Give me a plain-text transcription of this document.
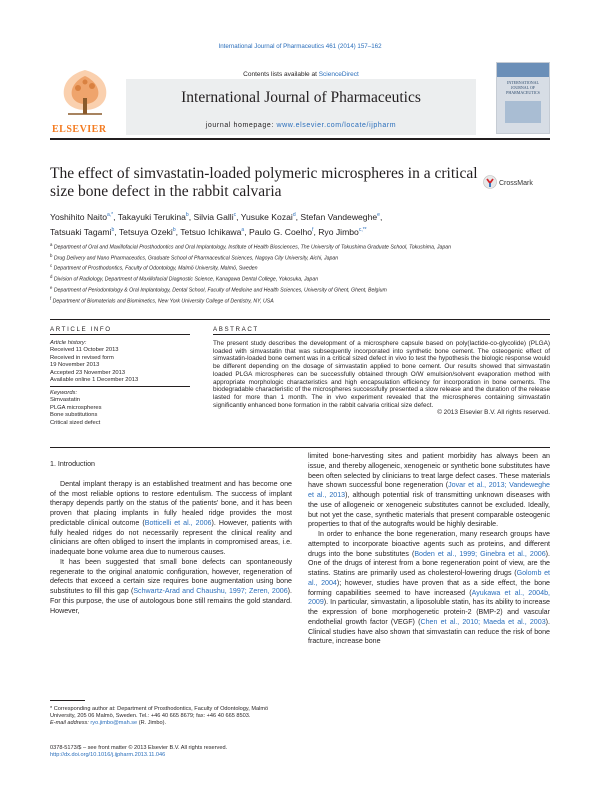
International Journal of Pharmaceutics 461 (2014) 157–162
ELSEVIER
Contents lists available at ScienceDirect
International Journal of Pharmaceutics
journal homepage: www.elsevier.com/locate/ijpharm
INTERNATIONAL JOURNAL OF PHARMACEUTICS
The effect of simvastatin-loaded polymeric microspheres in a critical
size bone defect in the rabbit calvaria	CrossMark
Yoshihito Naito$^{a,*}$, Takayuki Terukina$^b$, Silvia Galli$^c$, Yusuke Kozai$^d$, Stefan Vandeweghe$^e$,
Tatsuaki Tagami$^b$, Tetsuya Ozeki$^b$, Tetsuo Ichikawa$^a$, Paulo G. Coelho$^f$, Ryo Jimbo$^{c,**}$
$^a$ Department of Oral and Maxillofacial Prosthodontics and Oral Implantology, Institute of Health Biosciences, The University of Tokushima Graduate School, Tokushima, Japan
$^b$ Drug Delivery and Nano Pharmaceutics, Graduate School of Pharmaceutical Sciences, Nagoya City University, Aichi, Japan
$^c$ Department of Prosthodontics, Faculty of Odontology, Malmö University, Malmö, Sweden
$^d$ Division of Radiology, Department of Maxillofacial Diagnostic Science, Kanagawa Dental College, Yokosuka, Japan
$^e$ Department of Periodontology & Oral Implantology, Dental School, Faculty of Medicine and Health Sciences, University of Ghent, Ghent, Belgium
$^f$ Department of Biomaterials and Biomimetics, New York University College of Dentistry, NY, USA
ARTICLE INFO	ABSTRACT
Article history:
Received 11 October 2013
Received in revised form
19 November 2013
Accepted 23 November 2013
Available online 1 December 2013
Keywords:
Simvastatin
PLGA microspheres
Bone substitutions
Critical sized defect
The present study describes the development of a microsphere capsule based on poly(lactide-co-glycolide) (PLGA) loaded with simvastatin that was subsequently incorporated into synthetic bone cement. The osteogenic effect of simvastatin-loaded bone cement was in a critical sized defect in vivo to test the hypothesis the biologic response would be different depending on the dosage of simvastatin applied to bone cement. Our results showed that simvastatin loaded PLGA microspheres can be successfully obtained through O/W emulsion/solvent evaporation method with appropriate morphologic characteristics and high encapsulation efficiency for incorporation in bone cements. The biodegradable characteristic of the microspheres successfully presented a slow release and the duration of the release lasted for more than 1 month. The in vivo experiment revealed that the microspheres containing simvastatin significantly enhanced bone formation in the rabbit calvaria critical size defect.
© 2013 Elsevier B.V. All rights reserved.
1. Introduction

Dental implant therapy is an established treatment and has become one of the most reliable options to restore edentulism. The success of implant therapy depends partly on the status of the patients' bone, and it has been proven that placing implants in fully healed ridge provides the most predictable clinical outcome (Botticelli et al., 2006). However, patients with fully healed ridges do not necessarily represent the clinical reality and clinicians are often obliged to insert the implants in compromised areas, i.e. inadequate bone volume area due to numerous causes.

It has been suggested that small bone defects can spontaneously regenerate to the original anatomic configuration, however, regeneration of defects that exceed a certain size requires bone augmentation using bone substitutes to fill this gap (Schwartz-Arad and Chaushu, 1997; Zeren, 2006). For this purpose, the use of autologous bone still remains the gold standard. However,

limited bone-harvesting sites and patient morbidity has always been an issue, and thereby allogeneic, xenogeneic or synthetic bone substitutes have been often selected by clinicians to treat large defect cases. These materials have shown successful bone regeneration (Jovar et al., 2013; Vandeweghe et al., 2013), although potential risk of transmitting unknown diseases with the use of allogeneic or xenogeneic substitutes cannot be excluded. Ideally, but not yet the case, synthetic materials that present comparable osteogenic properties to that of the autografts would be highly desirable.

In order to enhance the bone regeneration, many research groups have attempted to incorporate bioactive agents such as proteins, and different drugs into the bone substitutes (Boden et al., 1999; Ginebra et al., 2006). One of the drugs of interest from a bone regeneration point of view, are the statins. Statins are primarily used as cholesterol-lowering drugs (Golomb et al., 2004); however, studies have proven that as a side effect, the bone forming capabilities seemed to have increased (Ayukawa et al., 2004b, 2009). In particular, simvastatin, a liposoluble statin, has its ability to increase the expression of bone morphogenetic protein-2 (BMP-2) and vascular endothelial growth factor (VEGF) (Chen et al., 2010; Maeda et al., 2003). Clinical studies have also shown that simvastatin can reduce the risk of bone fracture, increase bone

* Corresponding author at: Department of Prosthodontics, Faculty of Odontology, Malmö University, 205 06 Malmö, Sweden. Tel.: +46 40 665 8679; fax: +46 40 665 8503.
E-mail address: ryo.jimbo@mah.se (R. Jimbo).
0378-5173/$ – see front matter © 2013 Elsevier B.V. All rights reserved.
http://dx.doi.org/10.1016/j.ijpharm.2013.11.046
